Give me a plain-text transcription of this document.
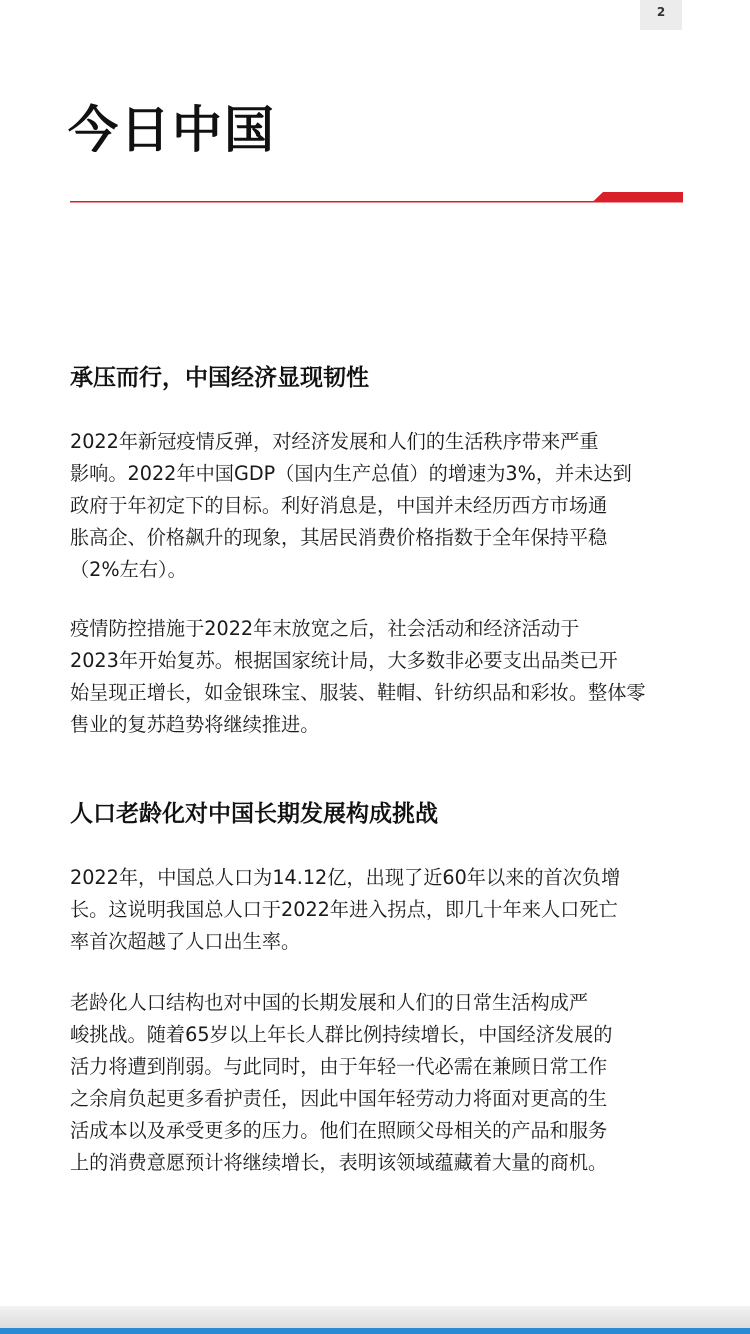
2
今日中国
承压而行，中国经济显现韧性

2022年新冠疫情反弹，对经济发展和人们的生活秩序带来严重
影响。2022年中国GDP（国内生产总值）的增速为3%，并未达到
政府于年初定下的目标。利好消息是，中国并未经历西方市场通
胀高企、价格飙升的现象，其居民消费价格指数于全年保持平稳
（2%左右）。

疫情防控措施于2022年末放宽之后，社会活动和经济活动于
2023年开始复苏。根据国家统计局，大多数非必要支出品类已开
始呈现正增长，如金银珠宝、服装、鞋帽、针纺织品和彩妆。整体零
售业的复苏趋势将继续推进。

人口老龄化对中国长期发展构成挑战

2022年，中国总人口为14.12亿，出现了近60年以来的首次负增
长。这说明我国总人口于2022年进入拐点，即几十年来人口死亡
率首次超越了人口出生率。

老龄化人口结构也对中国的长期发展和人们的日常生活构成严
峻挑战。随着65岁以上年长人群比例持续增长，中国经济发展的
活力将遭到削弱。与此同时，由于年轻一代必需在兼顾日常工作
之余肩负起更多看护责任，因此中国年轻劳动力将面对更高的生
活成本以及承受更多的压力。他们在照顾父母相关的产品和服务
上的消费意愿预计将继续增长，表明该领域蕴藏着大量的商机。
